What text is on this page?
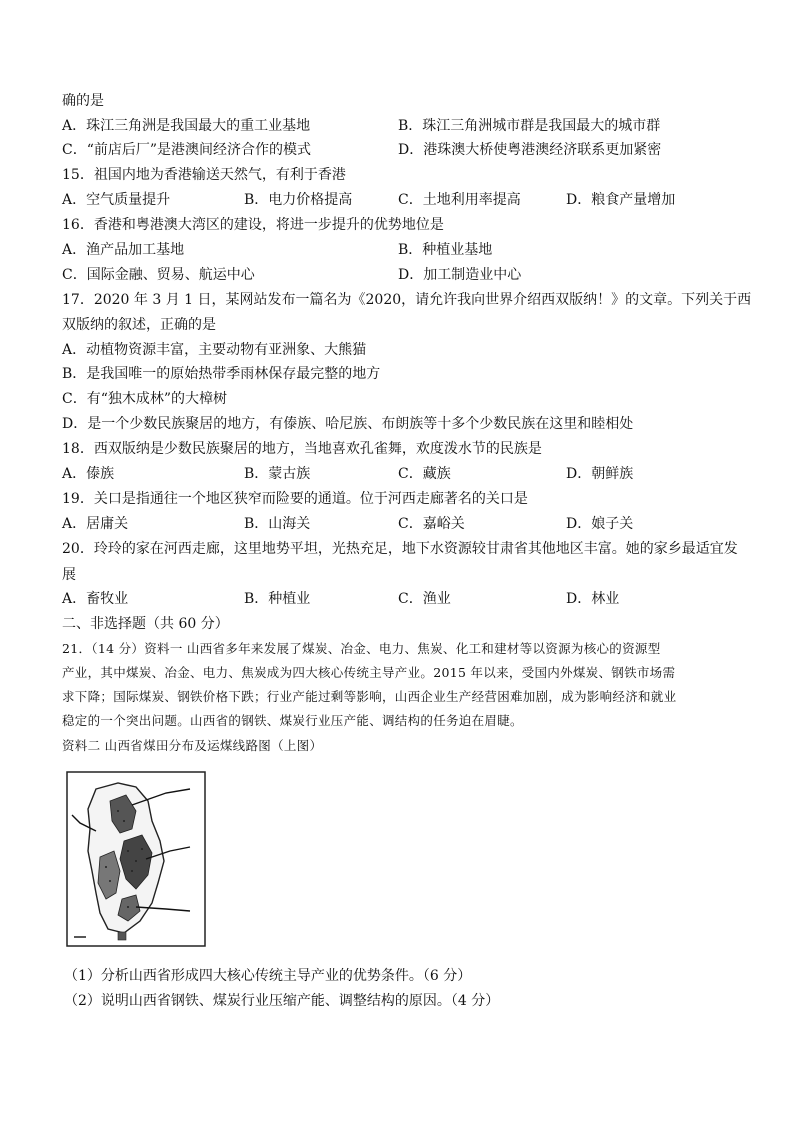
确的是
A．珠江三角洲是我国最大的重工业基地	B．珠江三角洲城市群是我国最大的城市群
C．“前店后厂”是港澳间经济合作的模式	D．港珠澳大桥使粤港澳经济联系更加紧密
15．祖国内地为香港输送天然气，有利于香港
A．空气质量提升	B．电力价格提高	C．土地利用率提高	D．粮食产量增加
16．香港和粤港澳大湾区的建设，将进一步提升的优势地位是
A．渔产品加工基地	B．种植业基地
C．国际金融、贸易、航运中心	D．加工制造业中心
17．2020 年 3 月 1 日，某网站发布一篇名为《2020，请允许我向世界介绍西双版纳！》的文章。下列关于西
双版纳的叙述，正确的是
A．动植物资源丰富，主要动物有亚洲象、大熊猫
B．是我国唯一的原始热带季雨林保存最完整的地方
C．有“独木成林”的大樟树
D．是一个少数民族聚居的地方，有傣族、哈尼族、布朗族等十多个少数民族在这里和睦相处
18．西双版纳是少数民族聚居的地方，当地喜欢孔雀舞，欢度泼水节的民族是
A．傣族	B．蒙古族	C．藏族	D．朝鲜族
19．关口是指通往一个地区狭窄而险要的通道。位于河西走廊著名的关口是
A．居庸关	B．山海关	C．嘉峪关	D．娘子关
20．玲玲的家在河西走廊，这里地势平坦，光热充足，地下水资源较甘肃省其他地区丰富。她的家乡最适宜发
展
A．畜牧业	B．种植业	C．渔业	D．林业
二、非选择题（共 60 分）
21．（14 分）资料一 山西省多年来发展了煤炭、冶金、电力、焦炭、化工和建材等以资源为核心的资源型
产业，其中煤炭、冶金、电力、焦炭成为四大核心传统主导产业。2015 年以来，受国内外煤炭、钢铁市场需
求下降；国际煤炭、钢铁价格下跌；行业产能过剩等影响，山西企业生产经营困难加剧，成为影响经济和就业
稳定的一个突出问题。山西省的钢铁、煤炭行业压产能、调结构的任务迫在眉睫。
资料二 山西省煤田分布及运煤线路图（上图）
（1）分析山西省形成四大核心传统主导产业的优势条件。（6 分）
（2）说明山西省钢铁、煤炭行业压缩产能、调整结构的原因。（4 分）
